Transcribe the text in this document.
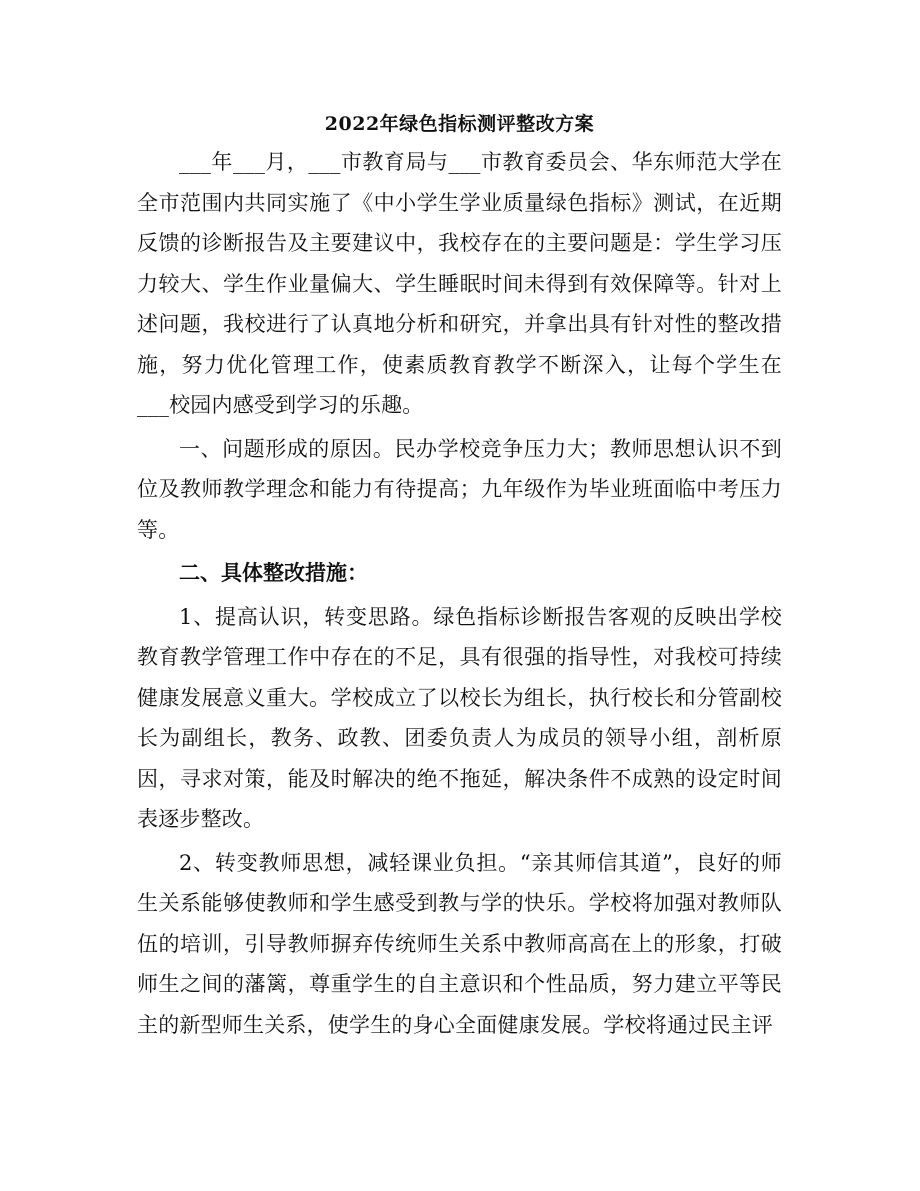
2022年绿色指标测评整改方案

___年___月，___市教育局与___市教育委员会、华东师范大学在全市范围内共同实施了《中小学生学业质量绿色指标》测试，在近期反馈的诊断报告及主要建议中，我校存在的主要问题是：学生学习压力较大、学生作业量偏大、学生睡眠时间未得到有效保障等。针对上述问题，我校进行了认真地分析和研究，并拿出具有针对性的整改措施，努力优化管理工作，使素质教育教学不断深入，让每个学生在___校园内感受到学习的乐趣。

一、问题形成的原因。民办学校竞争压力大；教师思想认识不到位及教师教学理念和能力有待提高；九年级作为毕业班面临中考压力等。

二、具体整改措施：

1、提高认识，转变思路。绿色指标诊断报告客观的反映出学校教育教学管理工作中存在的不足，具有很强的指导性，对我校可持续健康发展意义重大。学校成立了以校长为组长，执行校长和分管副校长为副组长，教务、政教、团委负责人为成员的领导小组，剖析原因，寻求对策，能及时解决的绝不拖延，解决条件不成熟的设定时间表逐步整改。

2、转变教师思想，减轻课业负担。“亲其师信其道”，良好的师生关系能够使教师和学生感受到教与学的快乐。学校将加强对教师队伍的培训，引导教师摒弃传统师生关系中教师高高在上的形象，打破师生之间的藩篱，尊重学生的自主意识和个性品质，努力建立平等民主的新型师生关系，使学生的身心全面健康发展。学校将通过民主评
